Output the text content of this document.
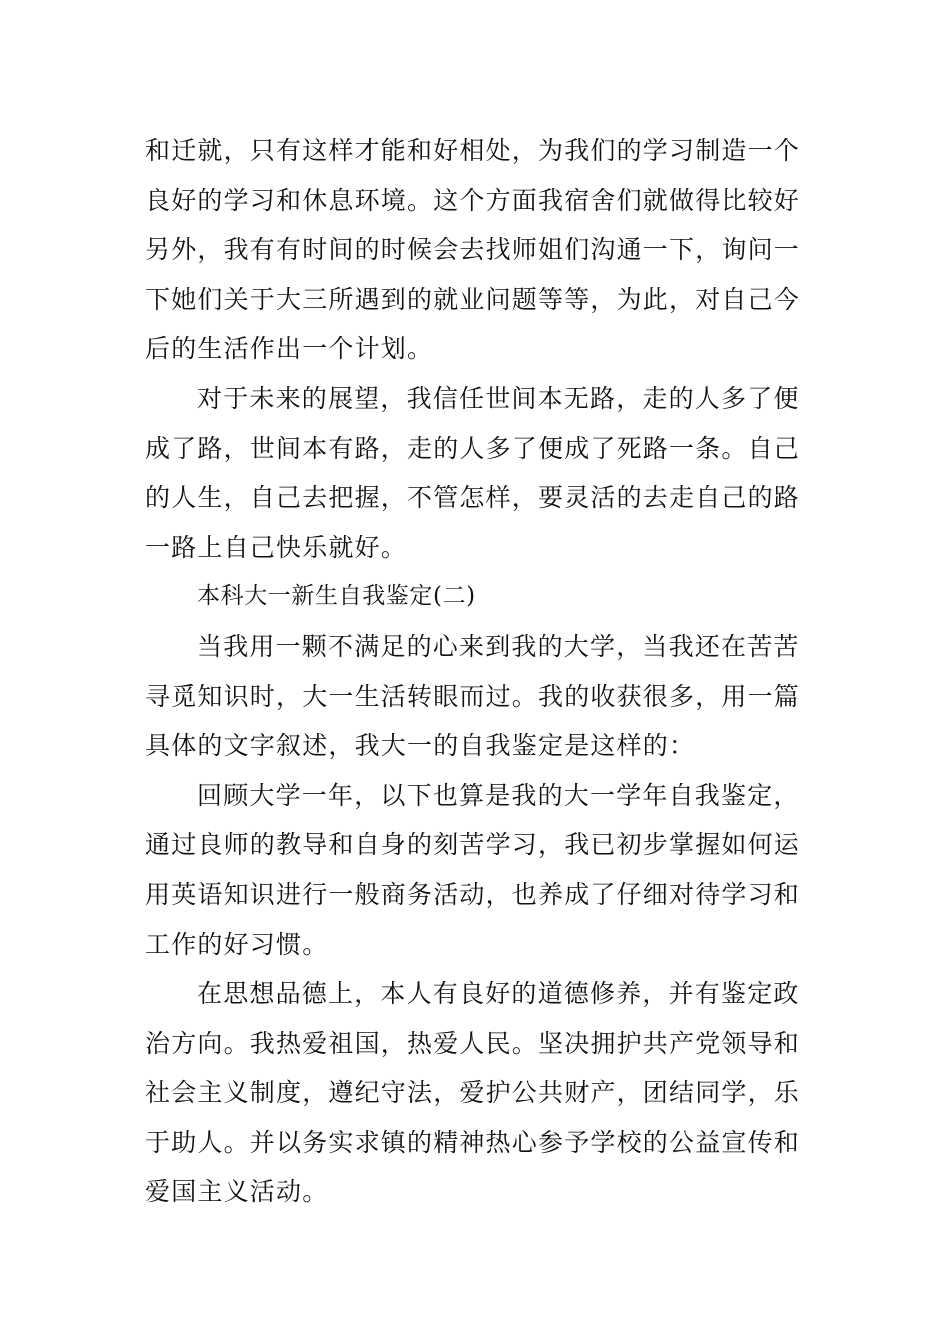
和迁就，只有这样才能和好相处，为我们的学习制造一个
良好的学习和休息环境。这个方面我宿舍们就做得比较好
另外，我有有时间的时候会去找师姐们沟通一下，询问一
下她们关于大三所遇到的就业问题等等，为此，对自己今
后的生活作出一个计划。
对于未来的展望，我信任世间本无路，走的人多了便
成了路，世间本有路，走的人多了便成了死路一条。自己
的人生，自己去把握，不管怎样，要灵活的去走自己的路
一路上自己快乐就好。
本科大一新生自我鉴定(二)
当我用一颗不满足的心来到我的大学，当我还在苦苦
寻觅知识时，大一生活转眼而过。我的收获很多，用一篇
具体的文字叙述，我大一的自我鉴定是这样的：
回顾大学一年，以下也算是我的大一学年自我鉴定，
通过良师的教导和自身的刻苦学习，我已初步掌握如何运
用英语知识进行一般商务活动，也养成了仔细对待学习和
工作的好习惯。
在思想品德上，本人有良好的道德修养，并有鉴定政
治方向。我热爱祖国，热爱人民。坚决拥护共产党领导和
社会主义制度，遵纪守法，爱护公共财产，团结同学，乐
于助人。并以务实求镇的精神热心参予学校的公益宣传和
爱国主义活动。
